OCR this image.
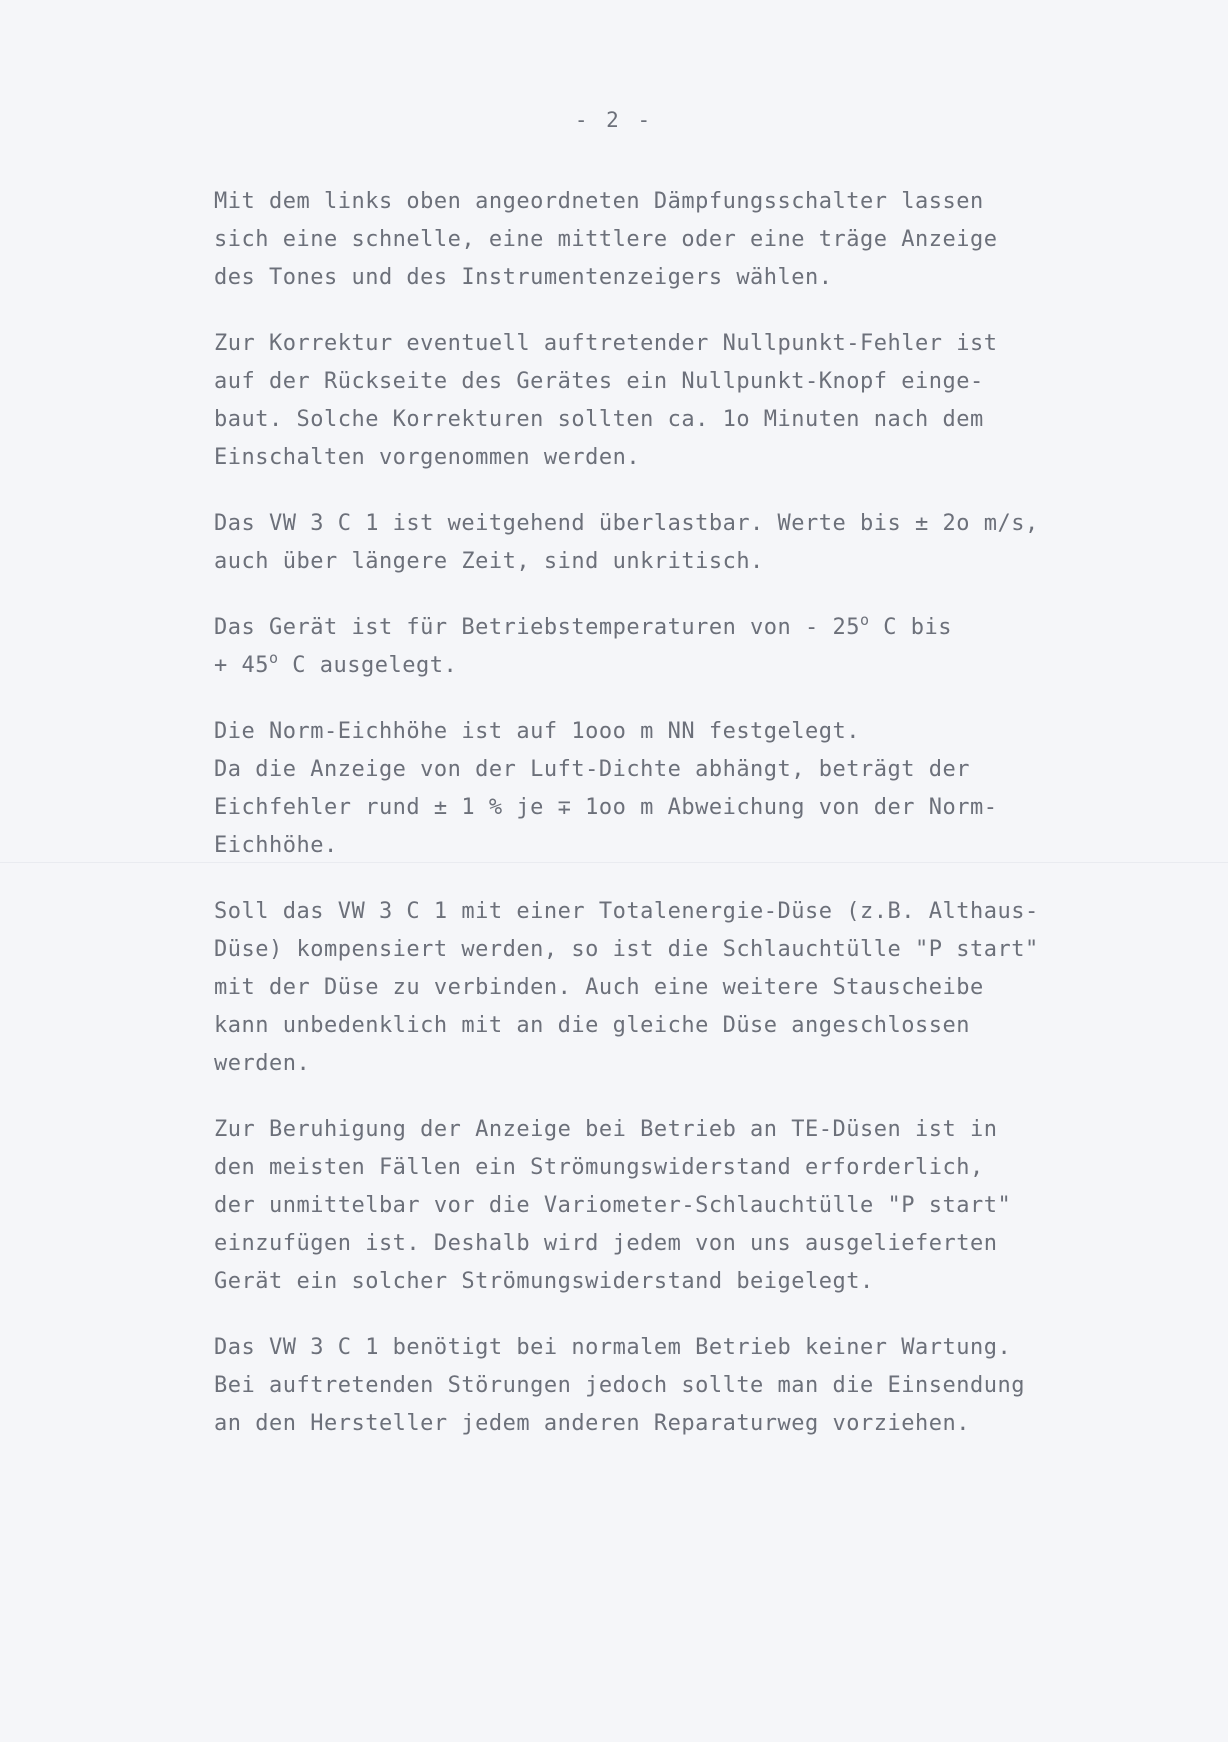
- 2 -
Mit dem links oben angeordneten Dämpfungsschalter lassen
sich eine schnelle, eine mittlere oder eine träge Anzeige
des Tones und des Instrumentenzeigers wählen.
Zur Korrektur eventuell auftretender Nullpunkt-Fehler ist
auf der Rückseite des Gerätes ein Nullpunkt-Knopf einge-
baut. Solche Korrekturen sollten ca. 1o Minuten nach dem
Einschalten vorgenommen werden.
Das VW 3 C 1 ist weitgehend überlastbar. Werte bis ± 2o m/s,
auch über längere Zeit, sind unkritisch.
Das Gerät ist für Betriebstemperaturen von - 25$^o$ C bis
+ $45^o$ C ausgelegt.
Die Norm-Eichhöhe ist auf 1ooo m NN festgelegt.
Da die Anzeige von der Luft-Dichte abhängt, beträgt der
Eichfehler rund ± 1 % je ∓ 1oo m Abweichung von der Norm-
Eichhöhe.
Soll das VW 3 C 1 mit einer Totalenergie-Düse (z.B. Althaus-
Düse) kompensiert werden, so ist die Schlauchtülle "P start"
mit der Düse zu verbinden. Auch eine weitere Stauscheibe
kann unbedenklich mit an die gleiche Düse angeschlossen
werden.
Zur Beruhigung der Anzeige bei Betrieb an TE-Düsen ist in
den meisten Fällen ein Strömungswiderstand erforderlich,
der unmittelbar vor die Variometer-Schlauchtülle "P start"
einzufügen ist. Deshalb wird jedem von uns ausgelieferten
Gerät ein solcher Strömungswiderstand beigelegt.
Das VW 3 C 1 benötigt bei normalem Betrieb keiner Wartung.
Bei auftretenden Störungen jedoch sollte man die Einsendung
an den Hersteller jedem anderen Reparaturweg vorziehen.
